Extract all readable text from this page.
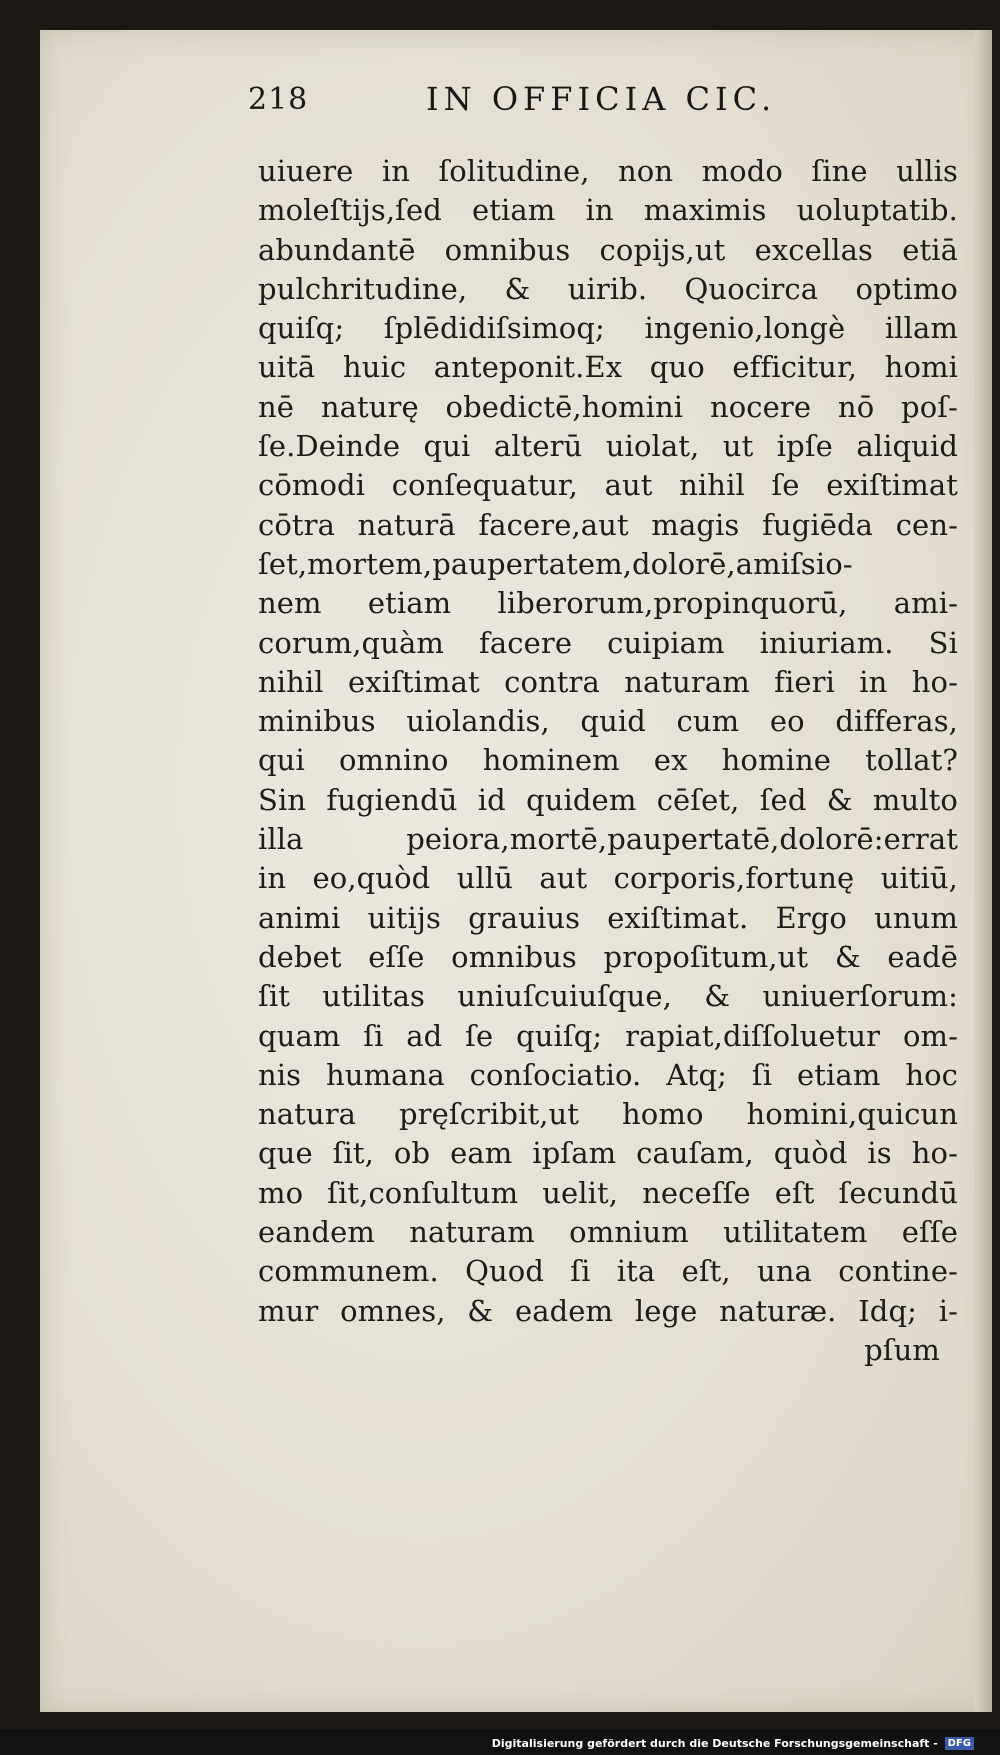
218	IN OFFICIA CIC.
uiuere in ſolitudine, non modo ſine ullis
moleſtijs,ſed etiam in maximis uoluptatib.
abundantē omnibus copijs,ut excellas etiā
pulchritudine, & uirib. Quocirca optimo
quiſq; ſplēdidiſsimoq; ingenio,longè illam
uitā huic anteponit.Ex quo efficitur, homi
nē naturę obedictē,homini nocere nō poſ-
ſe.Deinde qui alterū uiolat, ut ipſe aliquid
cōmodi conſequatur, aut nihil ſe exiſtimat
cōtra naturā facere,aut magis fugiēda cen-
ſet,mortem,paupertatem,dolorē,amiſsio-
nem etiam liberorum,propinquorū, ami-
corum,quàm facere cuipiam iniuriam. Si
nihil exiſtimat contra naturam fieri in ho-
minibus uiolandis, quid cum eo differas,
qui omnino hominem ex homine tollat?
Sin fugiendū id quidem cēſet, ſed & multo
illa peiora,mortē,paupertatē,dolorē:errat
in eo,quòd ullū aut corporis,fortunę uitiū,
animi uitijs grauius exiſtimat. Ergo unum
debet eſſe omnibus propoſitum,ut & eadē
ſit utilitas uniuſcuiuſque, & uniuerſorum:
quam ſi ad ſe quiſq; rapiat,diſſoluetur om-
nis humana conſociatio. Atq; ſi etiam hoc
natura pręſcribit,ut homo homini,quicun
que ſit, ob eam ipſam cauſam, quòd is ho-
mo ſit,conſultum uelit, neceſſe eſt ſecundū
eandem naturam omnium utilitatem eſſe
communem. Quod ſi ita eſt, una contine-
mur omnes, & eadem lege naturæ. Idq; i-
pſum
Digitalisierung gefördert durch die Deutsche Forschungsgemeinschaft - DFG
